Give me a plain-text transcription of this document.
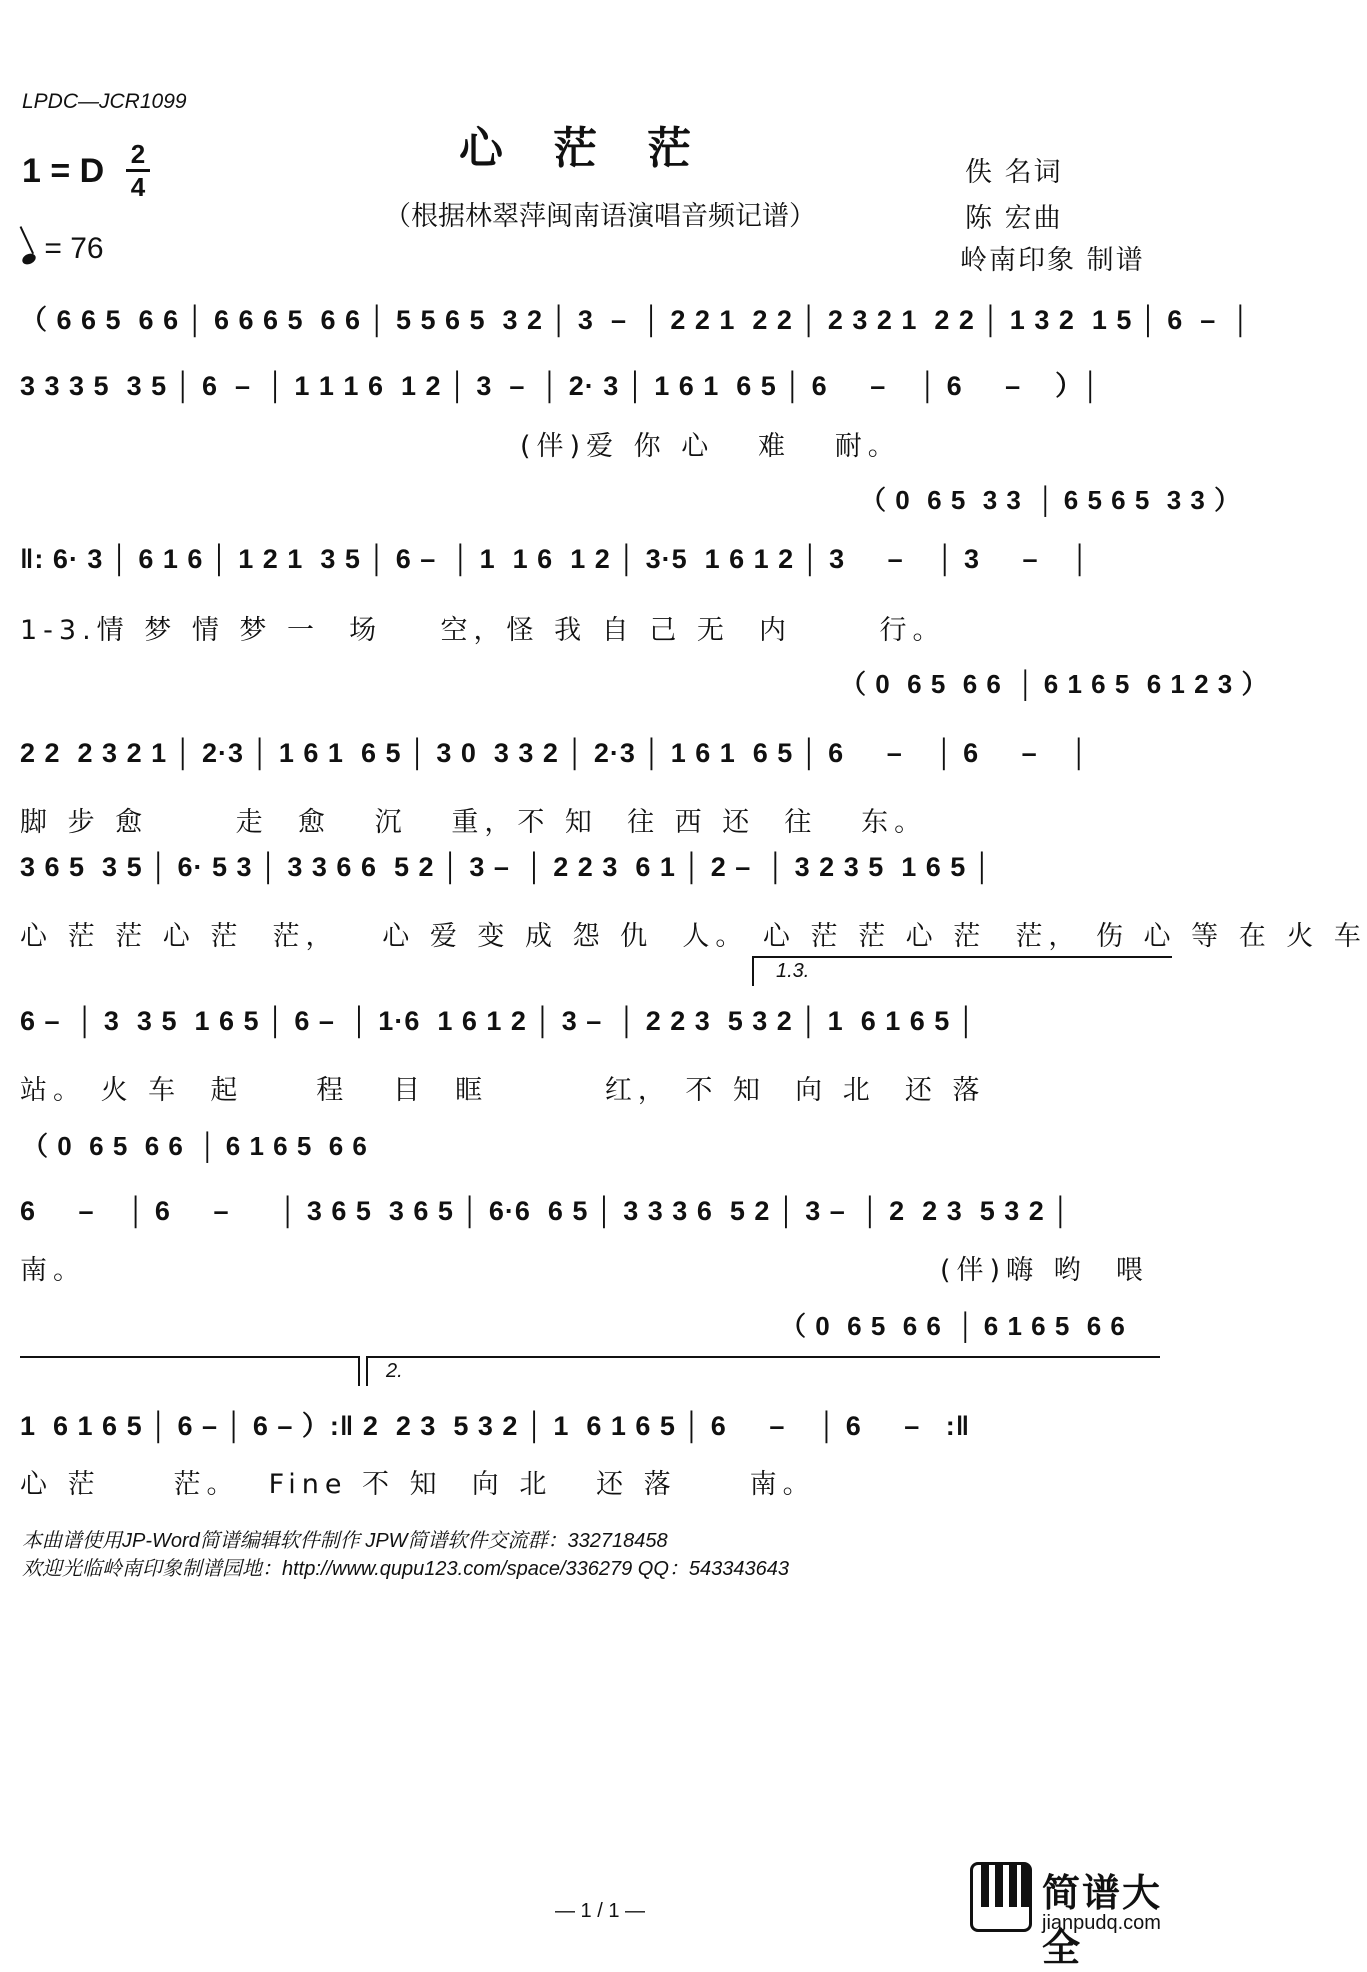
LPDC—JCR1099
心茫茫
（根据林翠萍闽南语演唱音频记谱）
1 = D 2
4
= 76
佚 名词
陈 宏曲
岭南印象 制谱
（ 6 6 5  6 6 │ 6 6 6 5  6 6 │ 5 5 6 5  3 2 │ 3  –  │ 2 2 1  2 2 │ 2 3 2 1  2 2 │ 1 3 2  1 5 │ 6  –  │
3 3 3 5  3 5 │ 6  –  │ 1 1 1 6  1 2 │ 3  –  │ 2· 3 │ 1 6 1  6 5 │ 6     –    │ 6     –    ）│
(伴)爱 你 心   难   耐。
（ 0  6 5  3 3  │ 6 5 6 5  3 3 ）
‖: 6· 3 │ 6 1 6 │ 1 2 1  3 5 │ 6 –  │ 1  1 6  1 2 │ 3·5  1 6 1 2 │ 3     –    │ 3     –    │
1-3.情 梦 情 梦 一  场    空，怪 我 自 己 无  内      行。
（ 0  6 5  6 6  │ 6 1 6 5  6 1 2 3 ）
2 2  2 3 2 1 │ 2·3 │ 1 6 1  6 5 │ 3 0  3 3 2 │ 2·3 │ 1 6 1  6 5 │ 6     –    │ 6     –    │
脚 步 愈      走  愈   沉   重，不 知  往 西 还  往   东。
3 6 5  3 5 │ 6· 5 3 │ 3 3 6 6  5 2 │ 3 –  │ 2 2 3  6 1 │ 2 –  │ 3 2 3 5  1 6 5 │
心 茫 茫 心 茫  茫，   心 爱 变 成 怨 仇  人。 心 茫 茫 心 茫  茫， 伤 心 等 在 火 车
1.3.
6 –  │ 3  3 5  1 6 5 │ 6 –  │ 1·6  1 6 1 2 │ 3 –  │ 2 2 3  5 3 2 │ 1  6 1 6 5 │
站。 火 车  起     程   目  眶        红， 不 知  向 北  还 落
（ 0  6 5  6 6  │ 6 1 6 5  6 6
6     –    │ 6     –      │ 3 6 5  3 6 5 │ 6·6  6 5 │ 3 3 3 6  5 2 │ 3 –  │ 2  2 3  5 3 2 │
南。	(伴)嗨 哟  喂
（ 0  6 5  6 6  │ 6 1 6 5  6 6
2.
1  6 1 6 5 │ 6 – │ 6 – ）:‖ 2  2 3  5 3 2 │ 1  6 1 6 5 │ 6     –    │ 6     –   :‖
心 茫     茫。  Fine 不 知  向 北   还 落     南。
本曲谱使用JP-Word简谱编辑软件制作 JPW简谱软件交流群：332718458
欢迎光临岭南印象制谱园地：http://www.qupu123.com/space/336279 QQ：543343643
— 1 / 1 —	简谱大全
jianpudq.com
